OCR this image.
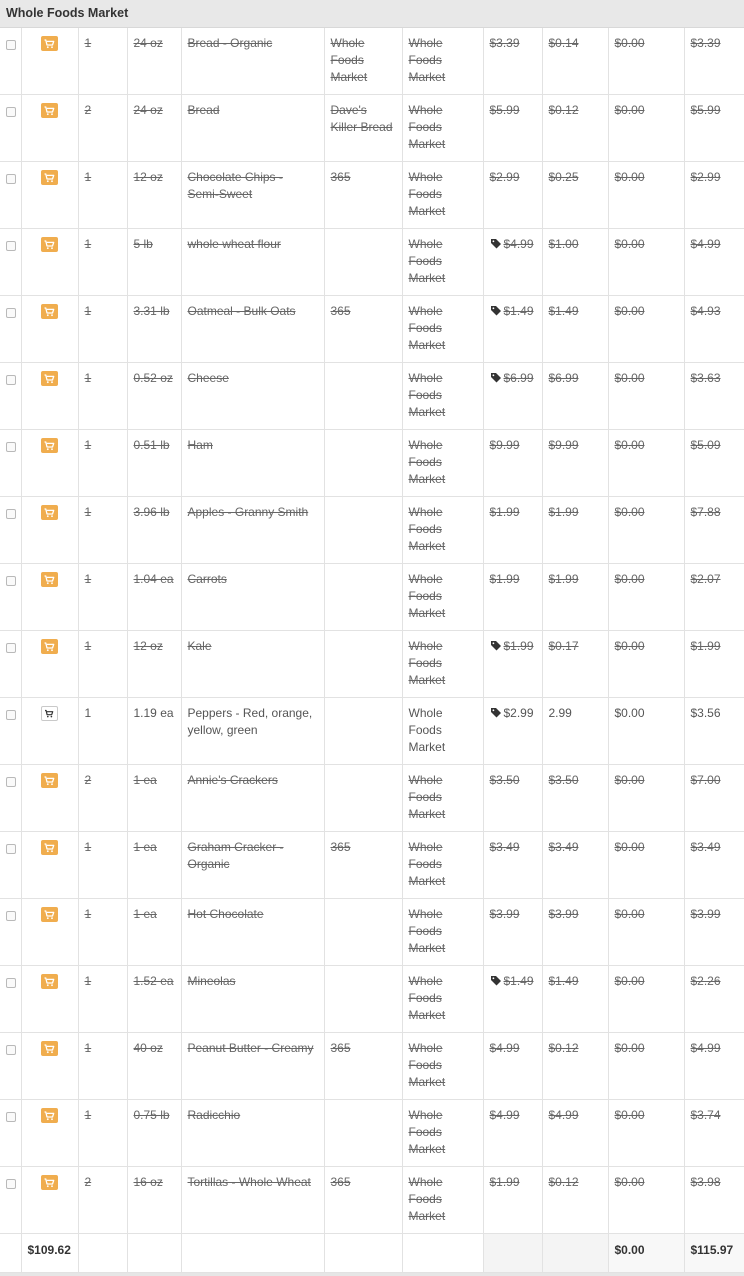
Whole Foods Market

	1	24 oz	Bread - Organic	Whole Foods Market	Whole Foods Market	$3.39	$0.14	$0.00	$3.39

	2	24 oz	Bread	Dave's Killer Bread	Whole Foods Market	$5.99	$0.12	$0.00	$5.99

	1	12 oz	Chocolate Chips - Semi-Sweet	365	Whole Foods Market	$2.99	$0.25	$0.00	$2.99

	1	5 lb	whole wheat flour		Whole Foods Market	$4.99	$1.00	$0.00	$4.99

	1	3.31 lb	Oatmeal - Bulk Oats	365	Whole Foods Market	$1.49	$1.49	$0.00	$4.93

	1	0.52 oz	Cheese		Whole Foods Market	$6.99	$6.99	$0.00	$3.63

	1	0.51 lb	Ham		Whole Foods Market	$9.99	$9.99	$0.00	$5.09

	1	3.96 lb	Apples - Granny Smith		Whole Foods Market	$1.99	$1.99	$0.00	$7.88

	1	1.04 ea	Carrots		Whole Foods Market	$1.99	$1.99	$0.00	$2.07

	1	12 oz	Kale		Whole Foods Market	$1.99	$0.17	$0.00	$1.99

	1	1.19 ea	Peppers - Red, orange, yellow, green		Whole Foods Market	$2.99	2.99	$0.00	$3.56

	2	1 ea	Annie's Crackers		Whole Foods Market	$3.50	$3.50	$0.00	$7.00

	1	1 ea	Graham Cracker - Organic	365	Whole Foods Market	$3.49	$3.49	$0.00	$3.49

	1	1 ea	Hot Chocolate		Whole Foods Market	$3.99	$3.99	$0.00	$3.99

	1	1.52 ea	Mineolas		Whole Foods Market	$1.49	$1.49	$0.00	$2.26

	1	40 oz	Peanut Butter - Creamy	365	Whole Foods Market	$4.99	$0.12	$0.00	$4.99

	1	0.75 lb	Radicchio		Whole Foods Market	$4.99	$4.99	$0.00	$3.74

	2	16 oz	Tortillas - Whole Wheat	365	Whole Foods Market	$1.99	$0.12	$0.00	$3.98
	$109.62								$0.00	$115.97
